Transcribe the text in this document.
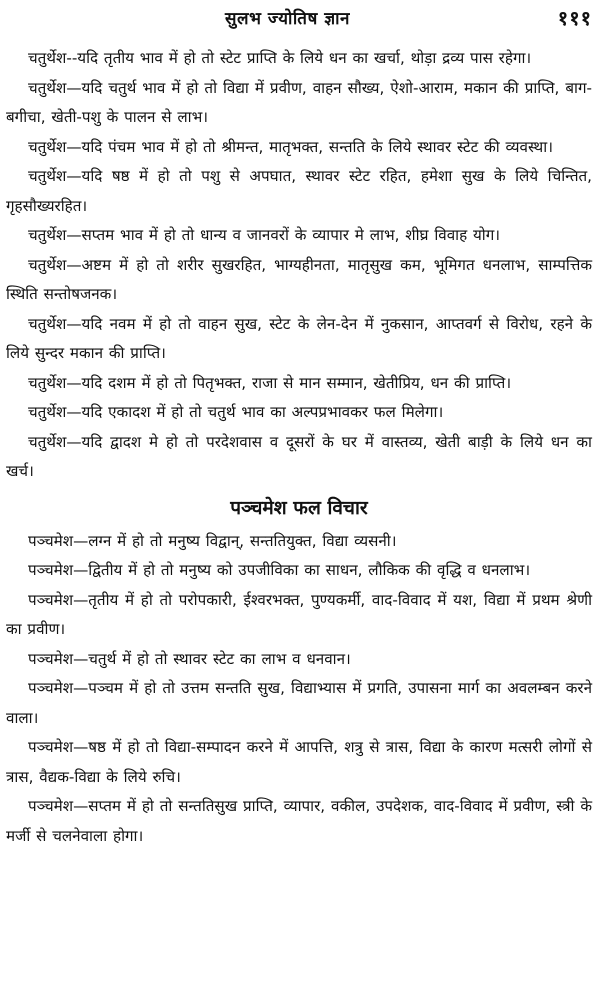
सुलभ ज्योतिष ज्ञान	१११

चतुर्थेश--यदि तृतीय भाव में हो तो स्टेट प्राप्ति के लिये धन का खर्चा, थोड़ा द्रव्य पास रहेगा।

चतुर्थेश—यदि चतुर्थ भाव में हो तो विद्या में प्रवीण, वाहन सौख्य, ऐशो-आराम, मकान की प्राप्ति, बाग-बगीचा, खेती-पशु के पालन से लाभ।

चतुर्थेश—यदि पंचम भाव में हो तो श्रीमन्त, मातृभक्त, सन्तति के लिये स्थावर स्टेट की व्यवस्था।

चतुर्थेश—यदि षष्ठ में हो तो पशु से अपघात, स्थावर स्टेट रहित, हमेशा सुख के लिये चिन्तित, गृहसौख्यरहित।

चतुर्थेश—सप्तम भाव में हो तो धान्य व जानवरों के व्यापार मे लाभ, शीघ्र विवाह योग।

चतुर्थेश—अष्टम में हो तो शरीर सुखरहित, भाग्यहीनता, मातृसुख कम, भूमिगत धनलाभ, साम्पत्तिक स्थिति सन्तोषजनक।

चतुर्थेश—यदि नवम में हो तो वाहन सुख, स्टेट के लेन-देन में नुकसान, आप्तवर्ग से विरोध, रहने के लिये सुन्दर मकान की प्राप्ति।

चतुर्थेश—यदि दशम में हो तो पितृभक्त, राजा से मान सम्मान, खेतीप्रिय, धन की प्राप्ति।

चतुर्थेश—यदि एकादश में हो तो चतुर्थ भाव का अल्पप्रभावकर फल मिलेगा।

चतुर्थेश—यदि द्वादश मे हो तो परदेशवास व दूसरों के घर में वास्तव्य, खेती बाड़ी के लिये धन का खर्च।

पञ्चमेश फल विचार

पञ्चमेश—लग्न में हो तो मनुष्य विद्वान्, सन्ततियुक्त, विद्या व्यसनी।

पञ्चमेश—द्वितीय में हो तो मनुष्य को उपजीविका का साधन, लौकिक की वृद्धि व धनलाभ।

पञ्चमेश—तृतीय में हो तो परोपकारी, ईश्वरभक्त, पुण्यकर्मी, वाद-विवाद में यश, विद्या में प्रथम श्रेणी का प्रवीण।

पञ्चमेश—चतुर्थ में हो तो स्थावर स्टेट का लाभ व धनवान।

पञ्चमेश—पञ्चम में हो तो उत्तम सन्तति सुख, विद्याभ्यास में प्रगति, उपासना मार्ग का अवलम्बन करने वाला।

पञ्चमेश—षष्ठ में हो तो विद्या-सम्पादन करने में आपत्ति, शत्रु से त्रास, विद्या के कारण मत्सरी लोगों से त्रास, वैद्यक-विद्या के लिये रुचि।

पञ्चमेश—सप्तम में हो तो सन्ततिसुख प्राप्ति, व्यापार, वकील, उपदेशक, वाद-विवाद में प्रवीण, स्त्री के मर्जी से चलनेवाला होगा।
